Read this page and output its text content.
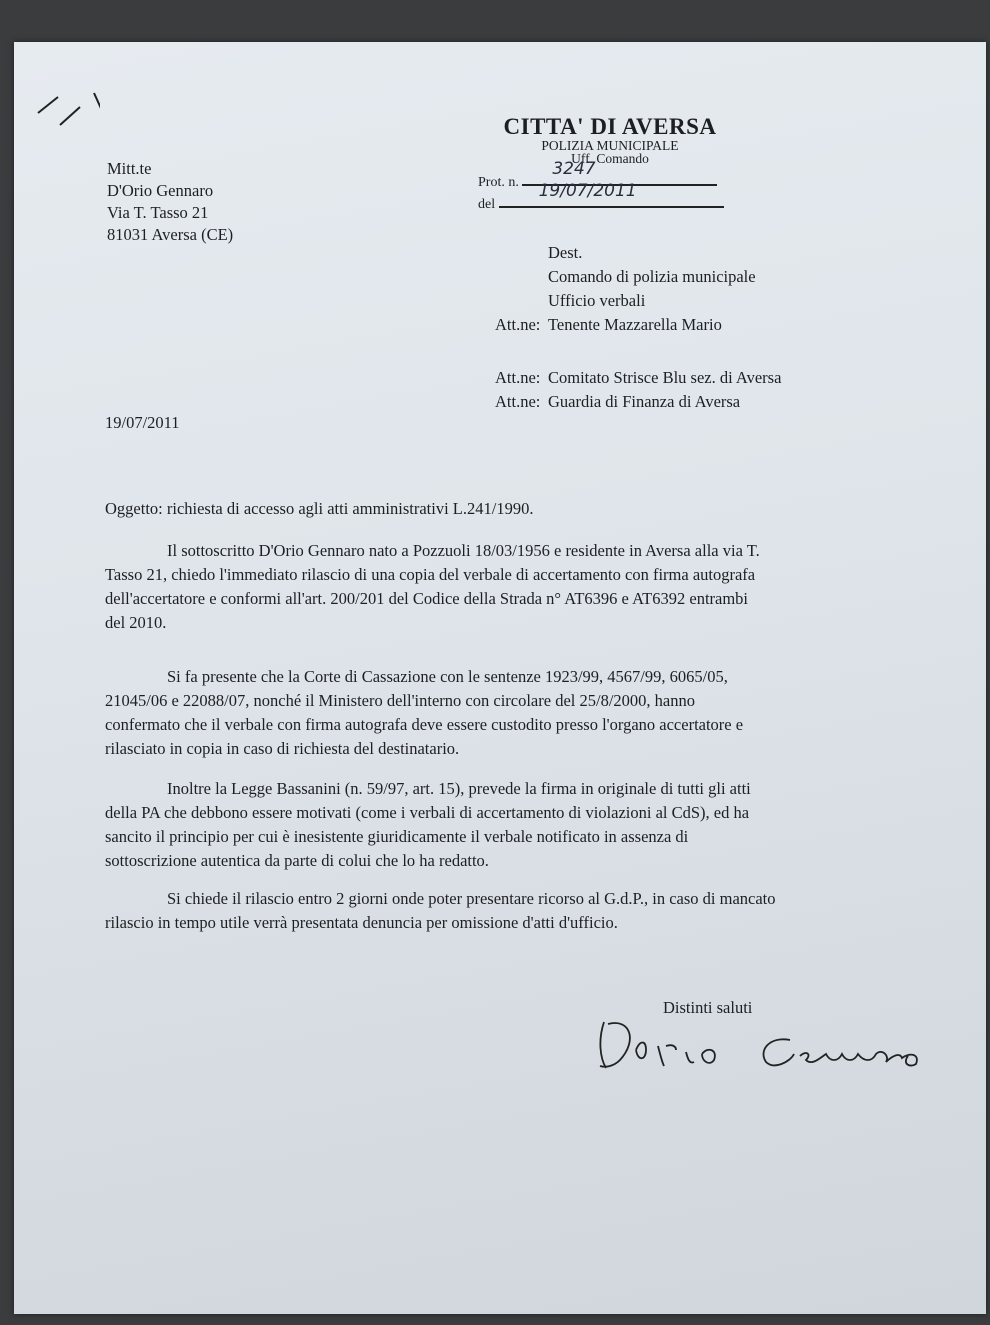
CITTA' DI AVERSA
POLIZIA MUNICIPALE
Uff. Comando
Prot. n.
3247
del
19/07/2011
Mitt.te
D'Orio Gennaro
Via T. Tasso 21
81031 Aversa (CE)
Dest.
Comando di polizia municipale
Ufficio verbali
Att.ne: Tenente Mazzarella Mario
Att.ne: Comitato Strisce Blu sez. di Aversa
Att.ne: Guardia di Finanza di Aversa
19/07/2011
Oggetto: richiesta di accesso agli atti amministrativi L.241/1990.
Il sottoscritto D'Orio Gennaro nato a Pozzuoli 18/03/1956 e residente in Aversa alla via T.
Tasso 21, chiedo l'immediato rilascio di una copia del verbale di accertamento con firma autografa
dell'accertatore e conformi all'art. 200/201 del Codice della Strada n° AT6396 e AT6392 entrambi
del 2010.
Si fa presente che la Corte di Cassazione con le sentenze 1923/99, 4567/99, 6065/05,
21045/06 e 22088/07, nonché il Ministero dell'interno con circolare del 25/8/2000, hanno
confermato che il verbale con firma autografa deve essere custodito presso l'organo accertatore e
rilasciato in copia in caso di richiesta del destinatario.
Inoltre la Legge Bassanini (n. 59/97, art. 15), prevede la firma in originale di tutti gli atti
della PA che debbono essere motivati (come i verbali di accertamento di violazioni al CdS), ed ha
sancito il principio per cui è inesistente giuridicamente il verbale notificato in assenza di
sottoscrizione autentica da parte di colui che lo ha redatto.
Si chiede il rilascio entro 2 giorni onde poter presentare ricorso al G.d.P., in caso di mancato
rilascio in tempo utile verrà presentata denuncia per omissione d'atti d'ufficio.
Distinti saluti
